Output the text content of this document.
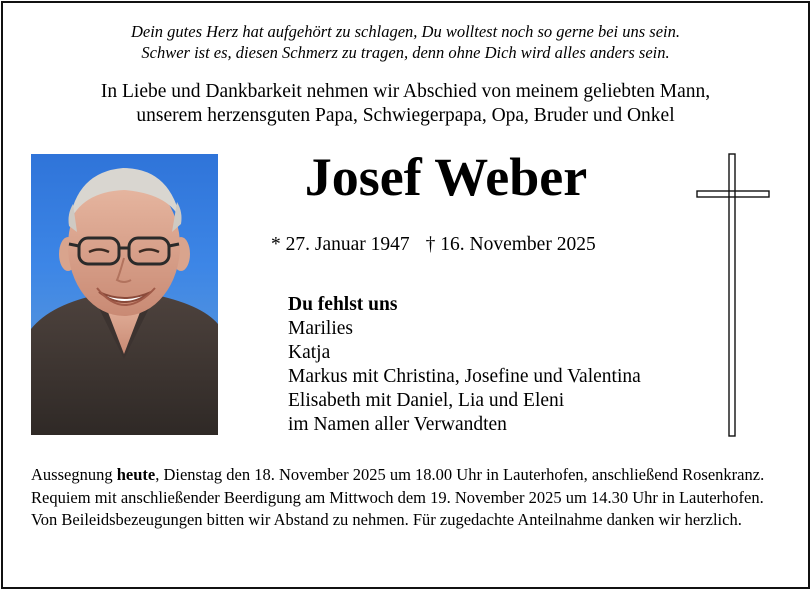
Dein gutes Herz hat aufgehört zu schlagen, Du wolltest noch so gerne bei uns sein.
Schwer ist es, diesen Schmerz zu tragen, denn ohne Dich wird alles anders sein.
In Liebe und Dankbarkeit nehmen wir Abschied von meinem geliebten Mann,
unserem herzensguten Papa, Schwiegerpapa, Opa, Bruder und Onkel
Josef Weber
* 27. Januar 1947 † 16. November 2025
Du fehlst uns
Marilies
Katja
Markus mit Christina, Josefine und Valentina
Elisabeth mit Daniel, Lia und Eleni
im Namen aller Verwandten

Aussegnung heute, Dienstag den 18. November 2025 um 18.00 Uhr in Lauterhofen, anschließend Rosenkranz.

Requiem mit anschließender Beerdigung am Mittwoch dem 19. November 2025 um 14.30 Uhr in Lauterhofen. Von Beileidsbezeugungen bitten wir Abstand zu nehmen. Für zugedachte Anteilnahme danken wir herzlich.
